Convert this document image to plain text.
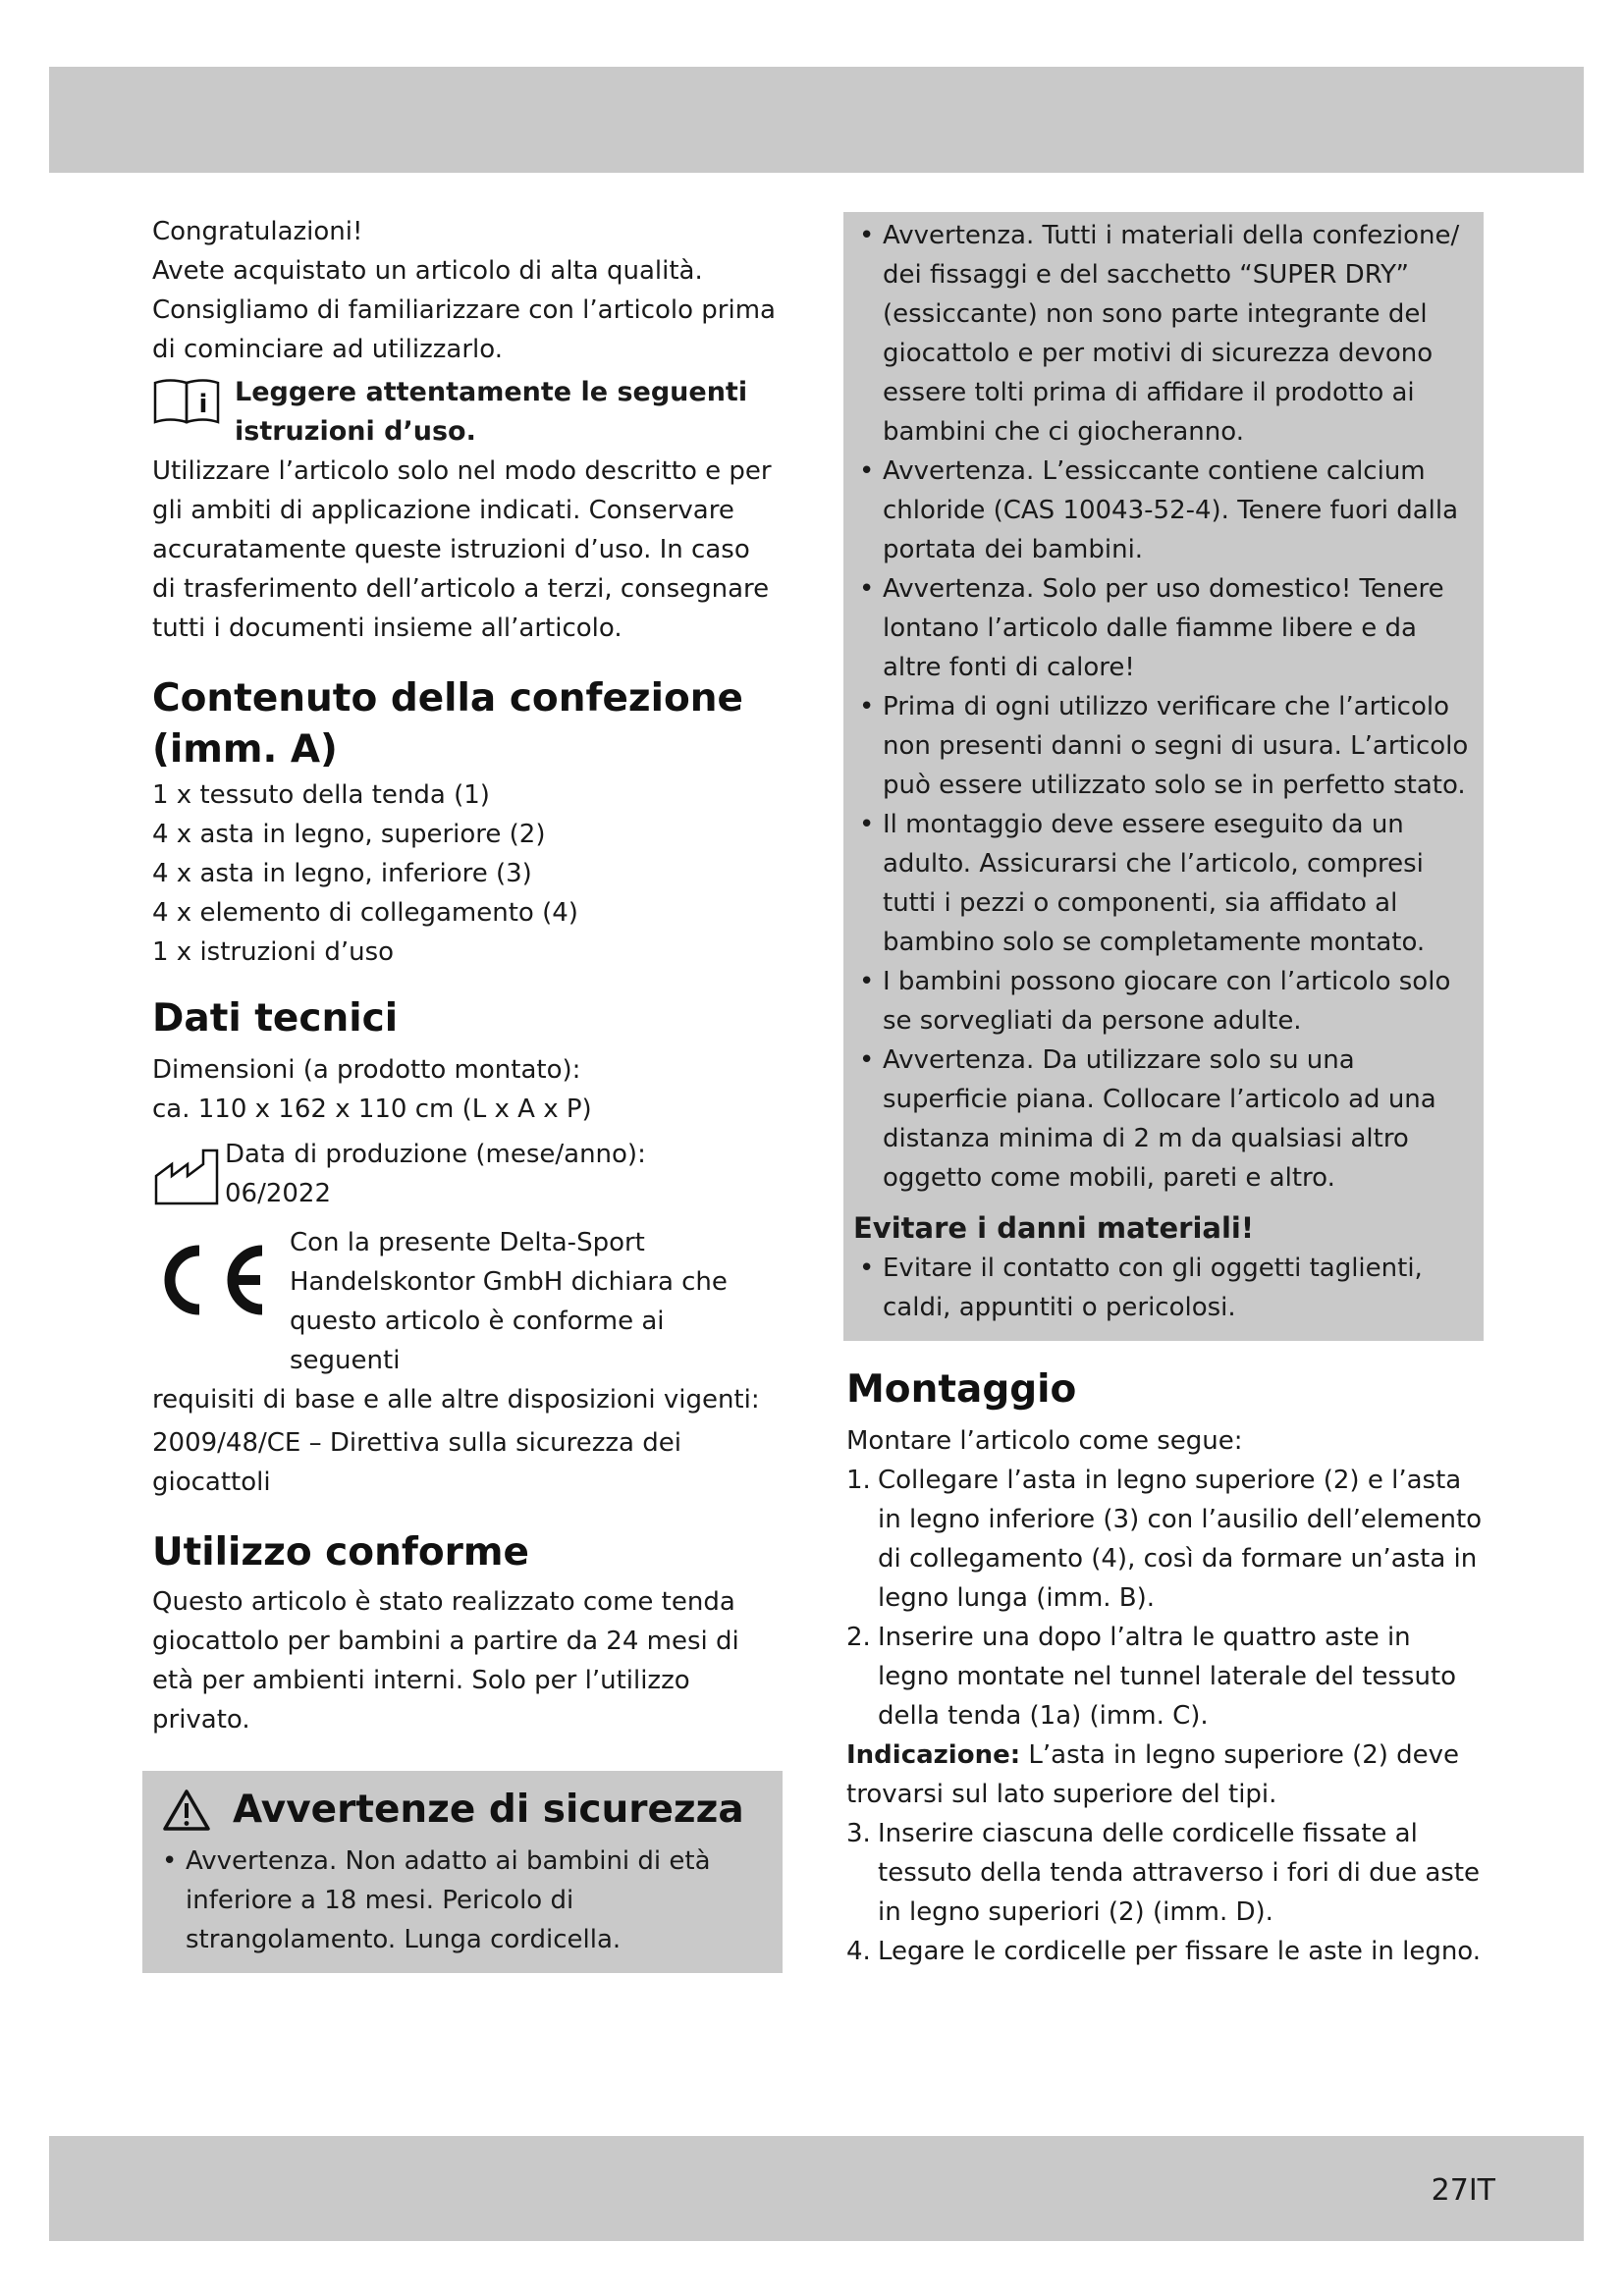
Congratulazioni!

Avete acquistato un articolo di alta qualità. Consigliamo di familiarizzare con l’articolo prima di cominciare ad utilizzarlo.

i Leggere attentamente le seguenti istruzioni d’uso.

Utilizzare l’articolo solo nel modo descritto e per gli ambiti di applicazione indicati. Conservare accuratamente queste istruzioni d’uso. In caso di trasferimento dell’articolo a terzi, consegnare tutti i documenti insieme all’articolo.

Contenuto della confezione (imm. A)
1 x tessuto della tenda (1)
4 x asta in legno, superiore (2)
4 x asta in legno, inferiore (3)
4 x elemento di collegamento (4)
1 x istruzioni d’uso
Dati tecnici

Dimensioni (a prodotto montato):

ca. 110 x 162 x 110 cm (L x A x P)

Data di produzione (mese/anno):

06/2022

Con la presente Delta-Sport Handelskontor GmbH dichiara che questo articolo è conforme ai seguenti

requisiti di base e alle altre disposizioni vigenti:

2009/48/CE – Direttiva sulla sicurezza dei giocattoli

Utilizzo conforme

Questo articolo è stato realizzato come tenda giocattolo per bambini a partire da 24 mesi di età per ambienti interni. Solo per l’utilizzo privato.

Avvertenze di sicurezza
• Avvertenza. Non adatto ai bambini di età inferiore a 18 mesi. Pericolo di strangolamento. Lunga cordicella.
• Avvertenza. Tutti i materiali della confezione/ dei fissaggi e del sacchetto “SUPER DRY” (essiccante) non sono parte integrante del giocattolo e per motivi di sicurezza devono essere tolti prima di affidare il prodotto ai bambini che ci giocheranno.
• Avvertenza. L’essiccante contiene calcium chloride (CAS 10043-52-4). Tenere fuori dalla portata dei bambini.
• Avvertenza. Solo per uso domestico! Tenere lontano l’articolo dalle fiamme libere e da altre fonti di calore!
• Prima di ogni utilizzo verificare che l’articolo non presenti danni o segni di usura. L’articolo può essere utilizzato solo se in perfetto stato.
• Il montaggio deve essere eseguito da un adulto. Assicurarsi che l’articolo, compresi tutti i pezzi o componenti, sia affidato al bambino solo se completamente montato.
• I bambini possono giocare con l’articolo solo se sorvegliati da persone adulte.
• Avvertenza. Da utilizzare solo su una superficie piana. Collocare l’articolo ad una distanza minima di 2 m da qualsiasi altro oggetto come mobili, pareti e altro.
Evitare i danni materiali!
• Evitare il contatto con gli oggetti taglienti, caldi, appuntiti o pericolosi.
Montaggio

Montare l’articolo come segue:

1. Collegare l’asta in legno superiore (2) e l’asta in legno inferiore (3) con l’ausilio dell’elemento di collegamento (4), così da formare un’asta in legno lunga (imm. B).
2. Inserire una dopo l’altra le quattro aste in legno montate nel tunnel laterale del tessuto della tenda (1a) (imm. C).

Indicazione: L’asta in legno superiore (2) deve trovarsi sul lato superiore del tipi.

3. Inserire ciascuna delle cordicelle fissate al tessuto della tenda attraverso i fori di due aste in legno superiori (2) (imm. D).
4. Legare le cordicelle per fissare le aste in legno.
27IT
